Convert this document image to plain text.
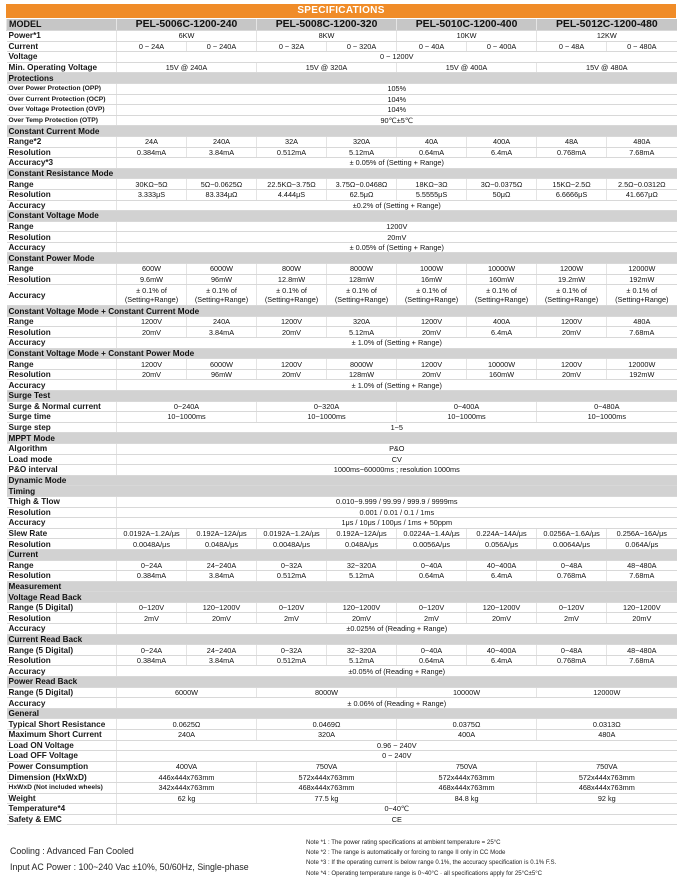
SPECIFICATIONS
MODEL	PEL-5006C-1200-240		PEL-5008C-1200-320		PEL-5010C-1200-400		PEL-5012C-1200-480	
Power*1	6KW		8KW		10KW		12KW	
Current	0 ~ 24A	0 ~ 240A	0 ~ 32A	0 ~ 320A	0 ~ 40A	0 ~ 400A	0 ~ 48A	0 ~ 480A
Voltage	0 ~ 1200V							
Min. Operating Voltage	15V @ 240A		15V @ 320A		15V @ 400A		15V @ 480A	
Protections								
Over Power Protection (OPP)	105%							
Over Current Protection (OCP)	104%							
Over Voltage Protection (OVP)	104%							
Over Temp Protection (OTP)	90℃±5℃							
Constant Current Mode								
Range*2	24A	240A	32A	320A	40A	400A	48A	480A
Resolution	0.384mA	3.84mA	0.512mA	5.12mA	0.64mA	6.4mA	0.768mA	7.68mA
Accuracy*3	± 0.05% of (Setting + Range)							
Constant Resistance Mode								
Range	30KΩ~5Ω	5Ω~0.0625Ω	22.5KΩ~3.75Ω	3.75Ω~0.0468Ω	18KΩ~3Ω	3Ω~0.0375Ω	15KΩ~2.5Ω	2.5Ω~0.0312Ω
Resolution	3.333μS	83.334μΩ	4.444μS	62.5μΩ	5.5555μS	50μΩ	6.6666μS	41.667μΩ
Accuracy	±0.2% of (Setting + Range)							
Constant Voltage Mode								
Range	1200V							
Resolution	20mV							
Accuracy	± 0.05% of (Setting + Range)							
Constant Power Mode								
Range	600W	6000W	800W	8000W	1000W	10000W	1200W	12000W
Resolution	9.6mW	96mW	12.8mW	128mW	16mW	160mW	19.2mW	192mW
Accuracy	± 0.1% of (Setting+Range)	± 0.1% of (Setting+Range)	± 0.1% of (Setting+Range)	± 0.1% of (Setting+Range)	± 0.1% of (Setting+Range)	± 0.1% of (Setting+Range)	± 0.1% of (Setting+Range)	± 0.1% of (Setting+Range)
Constant Voltage Mode + Constant Current Mode								
Range	1200V	240A	1200V	320A	1200V	400A	1200V	480A
Resolution	20mV	3.84mA	20mV	5.12mA	20mV	6.4mA	20mV	7.68mA
Accuracy	± 1.0% of (Setting + Range)							
Constant Voltage Mode + Constant Power Mode								
Range	1200V	6000W	1200V	8000W	1200V	10000W	1200V	12000W
Resolution	20mV	96mW	20mV	128mW	20mV	160mW	20mV	192mW
Accuracy	± 1.0% of (Setting + Range)							
Surge Test								
Surge & Normal current	0~240A		0~320A		0~400A		0~480A	
Surge time	10~1000ms		10~1000ms		10~1000ms		10~1000ms	
Surge step	1~5							
MPPT Mode								
Algorithm	P&O							
Load mode	CV							
P&O interval	1000ms~60000ms ; resolution 1000ms							
Dynamic Mode								
Timing								
Thigh & Tlow	0.010~9.999 / 99.99 / 999.9 / 9999ms							
Resolution	0.001 / 0.01 / 0.1 / 1ms							
Accuracy	1μs / 10μs / 100μs / 1ms + 50ppm							
Slew Rate	0.0192A~1.2A/μs	0.192A~12A/μs	0.0192A~1.2A/μs	0.192A~12A/μs	0.0224A~1.4A/μs	0.224A~14A/μs	0.0256A~1.6A/μs	0.256A~16A/μs
Resolution	0.0048A/μs	0.048A/μs	0.0048A/μs	0.048A/μs	0.0056A/μs	0.056A/μs	0.0064A/μs	0.064A/μs
Current								
Range	0~24A	24~240A	0~32A	32~320A	0~40A	40~400A	0~48A	48~480A
Resolution	0.384mA	3.84mA	0.512mA	5.12mA	0.64mA	6.4mA	0.768mA	7.68mA
Measurement								
Voltage Read Back								
Range (5 Digital)	0~120V	120~1200V	0~120V	120~1200V	0~120V	120~1200V	0~120V	120~1200V
Resolution	2mV	20mV	2mV	20mV	2mV	20mV	2mV	20mV
Accuracy	±0.025% of (Reading + Range)							
Current Read Back								
Range (5 Digital)	0~24A	24~240A	0~32A	32~320A	0~40A	40~400A	0~48A	48~480A
Resolution	0.384mA	3.84mA	0.512mA	5.12mA	0.64mA	6.4mA	0.768mA	7.68mA
Accuracy	±0.05% of (Reading + Range)							
Power Read Back								
Range (5 Digital)	6000W		8000W		10000W		12000W	
Accuracy	± 0.06% of (Reading + Range)							
General								
Typical Short Resistance	0.0625Ω		0.0469Ω		0.0375Ω		0.0313Ω	
Maximum Short Current	240A		320A		400A		480A	
Load ON Voltage	0.96 ~ 240V							
Load OFF Voltage	0 ~ 240V							
Power Consumption	400VA		750VA		750VA		750VA	
Dimension (HxWxD)	446x444x763mm		572x444x763mm		572x444x763mm		572x444x763mm	
HxWxD (Not included wheels)	342x444x763mm		468x444x763mm		468x444x763mm		468x444x763mm	
Weight	62 kg		77.5 kg		84.8 kg		92 kg	
Temperature*4	0~40℃							
Safety & EMC	CE							
Cooling : Advanced Fan Cooled
Input AC Power : 100~240 Vac ±10%, 50/60Hz, Single-phase
Note *1 : The power rating specifications at ambient temperature = 25°C
Note *2 : The range is automatically or forcing to range II only in CC Mode
Note *3 : If the operating current is below range 0.1%, the accuracy specification is 0.1% F.S.
Note *4 : Operating temperature range is 0~40°C · all specifications apply for 25°C±5°C
